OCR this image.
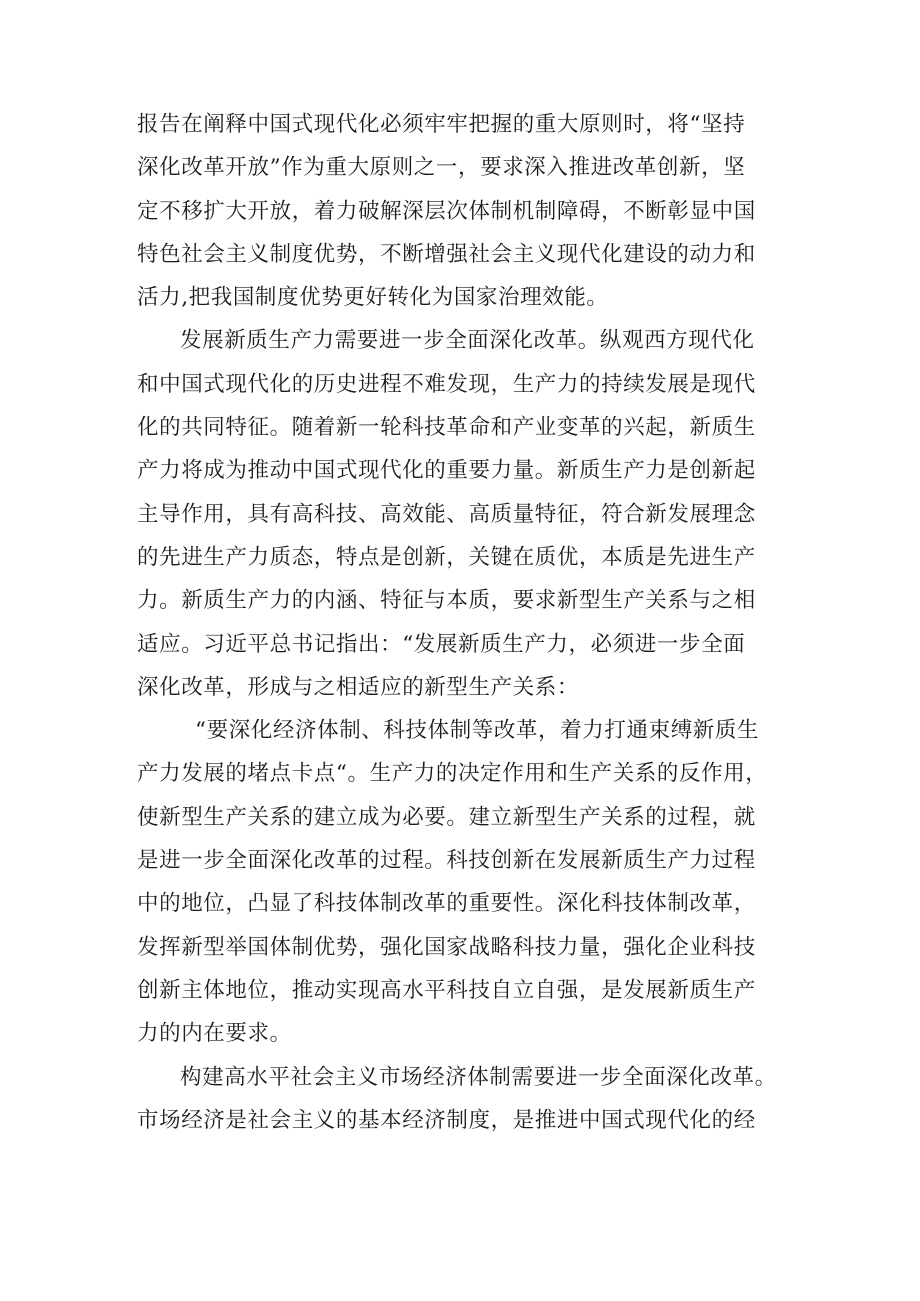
报告在阐释中国式现代化必须牢牢把握的重大原则时，将“坚持
深化改革开放”作为重大原则之一，要求深入推进改革创新，坚
定不移扩大开放，着力破解深层次体制机制障碍，不断彰显中国
特色社会主义制度优势，不断增强社会主义现代化建设的动力和
活力,把我国制度优势更好转化为国家治理效能。
发展新质生产力需要进一步全面深化改革。纵观西方现代化
和中国式现代化的历史进程不难发现，生产力的持续发展是现代
化的共同特征。随着新一轮科技革命和产业变革的兴起，新质生
产力将成为推动中国式现代化的重要力量。新质生产力是创新起
主导作用，具有高科技、高效能、高质量特征，符合新发展理念
的先进生产力质态，特点是创新，关键在质优，本质是先进生产
力。新质生产力的内涵、特征与本质，要求新型生产关系与之相
适应。习近平总书记指出：“发展新质生产力，必须进一步全面
深化改革，形成与之相适应的新型生产关系：
“要深化经济体制、科技体制等改革，着力打通束缚新质生
产力发展的堵点卡点“。生产力的决定作用和生产关系的反作用，
使新型生产关系的建立成为必要。建立新型生产关系的过程，就
是进一步全面深化改革的过程。科技创新在发展新质生产力过程
中的地位，凸显了科技体制改革的重要性。深化科技体制改革，
发挥新型举国体制优势，强化国家战略科技力量，强化企业科技
创新主体地位，推动实现高水平科技自立自强，是发展新质生产
力的内在要求。
构建高水平社会主义市场经济体制需要进一步全面深化改革。
市场经济是社会主义的基本经济制度，是推进中国式现代化的经
